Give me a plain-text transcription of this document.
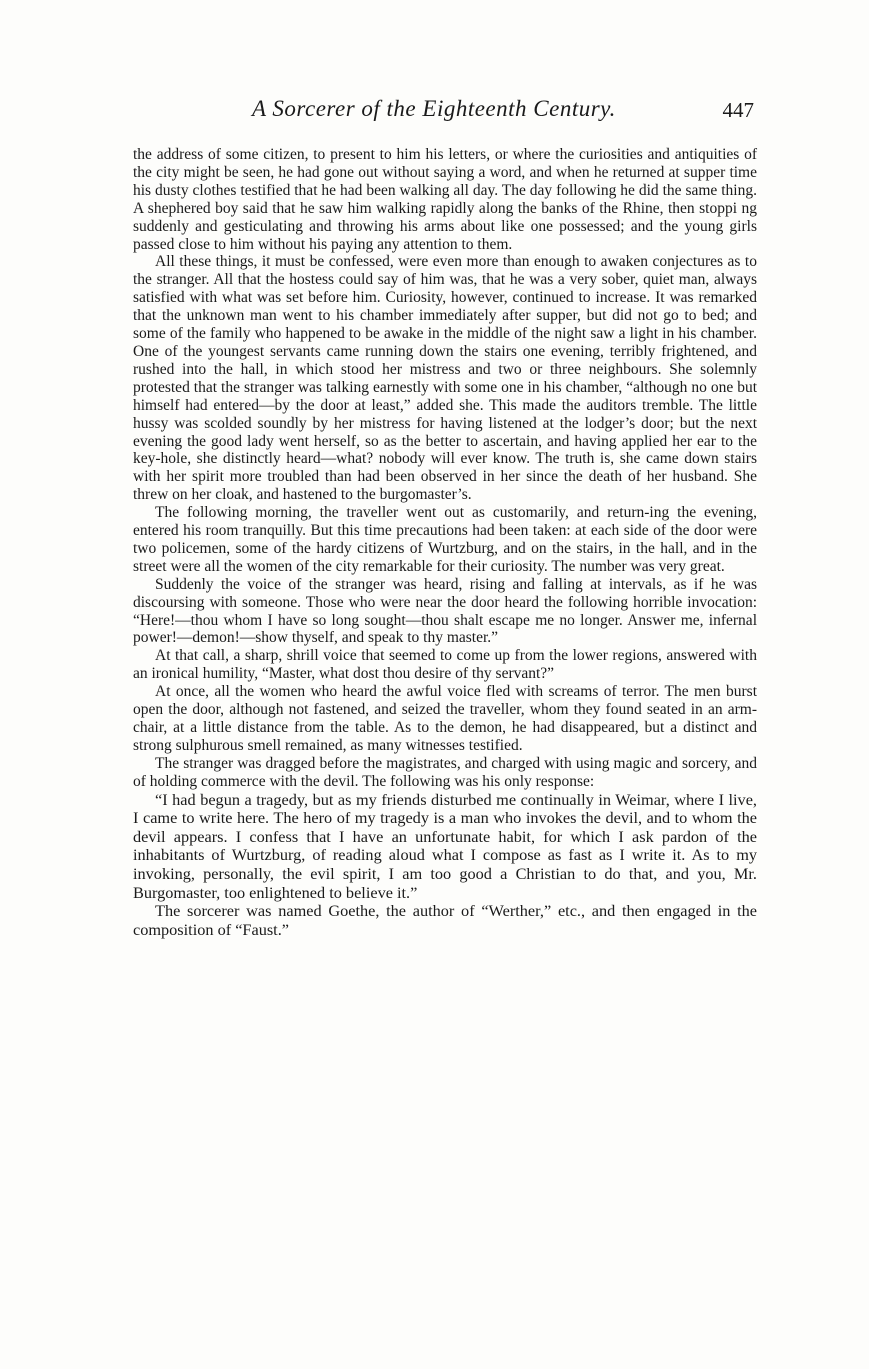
A Sorcerer of the Eighteenth Century.	447

the address of some citizen, to present to him his letters, or where the curiosities and antiquities of the city might be seen, he had gone out without saying a word, and when he returned at supper time his dusty clothes testified that he had been walking all day. The day following he did the same thing. A shephered boy said that he saw him walking rapidly along the banks of the Rhine, then stoppi ng suddenly and gesticulating and throwing his arms about like one possessed; and the young girls passed close to him without his paying any attention to them.

All these things, it must be confessed, were even more than enough to awaken conjectures as to the stranger. All that the hostess could say of him was, that he was a very sober, quiet man, always satisfied with what was set before him. Curiosity, however, continued to increase. It was remarked that the unknown man went to his chamber immediately after supper, but did not go to bed; and some of the family who happened to be awake in the middle of the night saw a light in his chamber. One of the youngest servants came running down the stairs one evening, terribly frightened, and rushed into the hall, in which stood her mistress and two or three neighbours. She solemnly protested that the stranger was talking earnestly with some one in his chamber, “although no one but himself had entered—by the door at least,” added she. This made the auditors tremble. The little hussy was scolded soundly by her mistress for having listened at the lodger’s door; but the next evening the good lady went herself, so as the better to ascertain, and having applied her ear to the key-hole, she distinctly heard—what? nobody will ever know. The truth is, she came down stairs with her spirit more troubled than had been observed in her since the death of her husband. She threw on her cloak, and hastened to the burgomaster’s.

The following morning, the traveller went out as customarily, and return-ing the evening, entered his room tranquilly. But this time precautions had been taken: at each side of the door were two policemen, some of the hardy citizens of Wurtzburg, and on the stairs, in the hall, and in the street were all the women of the city remarkable for their curiosity. The number was very great.

Suddenly the voice of the stranger was heard, rising and falling at intervals, as if he was discoursing with someone. Those who were near the door heard the following horrible invocation: “Here!—thou whom I have so long sought—thou shalt escape me no longer. Answer me, infernal power!—demon!—show thyself, and speak to thy master.”

At that call, a sharp, shrill voice that seemed to come up from the lower regions, answered with an ironical humility, “Master, what dost thou desire of thy servant?”

At once, all the women who heard the awful voice fled with screams of terror. The men burst open the door, although not fastened, and seized the traveller, whom they found seated in an arm-chair, at a little distance from the table. As to the demon, he had disappeared, but a distinct and strong sulphurous smell remained, as many witnesses testified.

The stranger was dragged before the magistrates, and charged with using magic and sorcery, and of holding commerce with the devil. The following was his only response:

“I had begun a tragedy, but as my friends disturbed me continually in Weimar, where I live, I came to write here. The hero of my tragedy is a man who invokes the devil, and to whom the devil appears. I confess that I have an unfortunate habit, for which I ask pardon of the inhabitants of Wurtzburg, of reading aloud what I compose as fast as I write it. As to my invoking, personally, the evil spirit, I am too good a Christian to do that, and you, Mr. Burgomaster, too enlightened to believe it.”

The sorcerer was named Goethe, the author of “Werther,” etc., and then engaged in the composition of “Faust.”
